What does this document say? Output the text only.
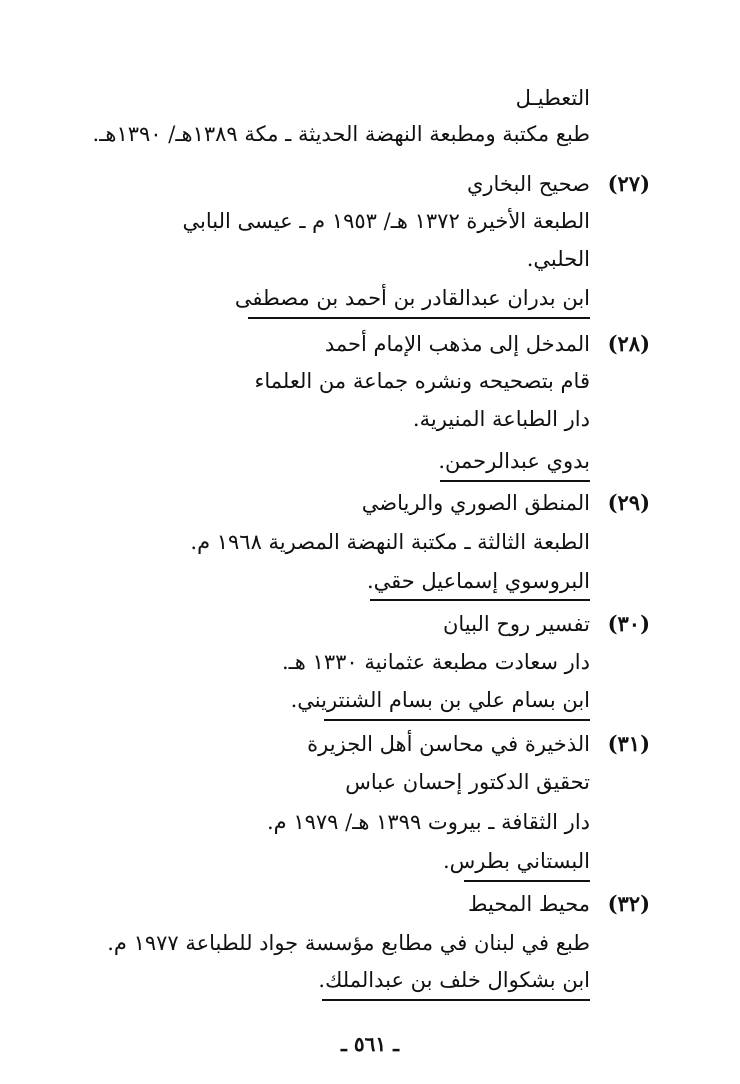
التعطيـل
طبع مكتبة ومطبعة النهضة الحديثة ـ مكة ١٣٨٩هـ/ ١٣٩٠هـ.
(٢٧)
صحيح البخاري
الطبعة الأخيرة ١٣٧٢ هـ/ ١٩٥٣ م ـ عيسى البابي
الحلبي.
ابن بدران عبدالقادر بن أحمد بن مصطفى
(٢٨)
المدخل إلى مذهب الإمام أحمد
قام بتصحيحه ونشره جماعة من العلماء
دار الطباعة المنيرية.
بدوي عبدالرحمن.
(٢٩)
المنطق الصوري والرياضي
الطبعة الثالثة ـ مكتبة النهضة المصرية ١٩٦٨ م.
البروسوي إسماعيل حقي.
(٣٠)
تفسير روح البيان
دار سعادت مطبعة عثمانية ١٣٣٠ هـ.
ابن بسام علي بن بسام الشنتريني.
(٣١)
الذخيرة في محاسن أهل الجزيرة
تحقيق الدكتور إحسان عباس
دار الثقافة ـ بيروت ١٣٩٩ هـ/ ١٩٧٩ م.
البستاني بطرس.
(٣٢)
محيط المحيط
طبع في لبنان في مطابع مؤسسة جواد للطباعة ١٩٧٧ م.
ابن بشكوال خلف بن عبدالملك.
ـ ٥٦١ ـ
